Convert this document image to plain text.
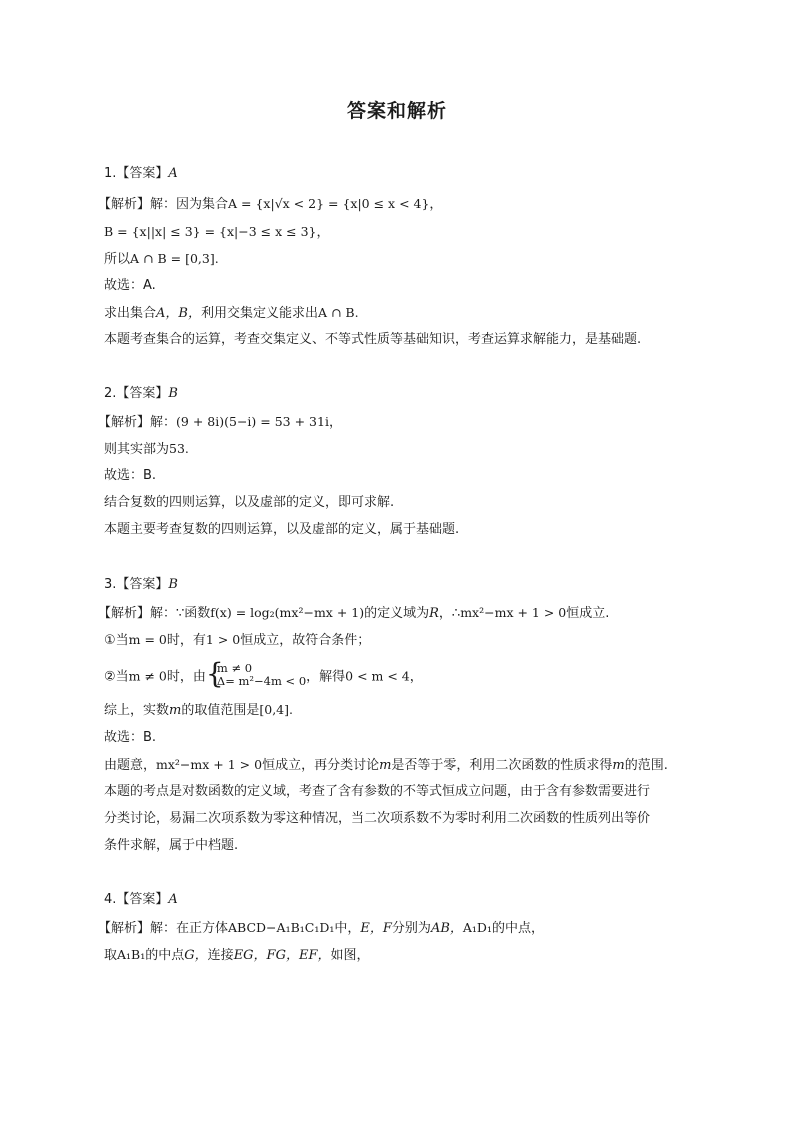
答案和解析
1.【答案】A
【解析】解：因为集合A = {x|√x < 2} = {x|0 ≤ x < 4}，
B = {x||x| ≤ 3} = {x|−3 ≤ x ≤ 3}，
所以A ∩ B = [0,3].
故选：A.
求出集合A，B，利用交集定义能求出A ∩ B.
本题考查集合的运算，考查交集定义、不等式性质等基础知识，考查运算求解能力，是基础题.
2.【答案】B
【解析】解：(9 + 8i)(5−i) = 53 + 31i，
则其实部为53.
故选：B.
结合复数的四则运算，以及虚部的定义，即可求解.
本题主要考查复数的四则运算，以及虚部的定义，属于基础题.
3.【答案】B
【解析】解：∵函数f(x) = log₂(mx²−mx + 1)的定义域为R，∴mx²−mx + 1 > 0恒成立.
①当m = 0时，有1 > 0恒成立，故符合条件；
②当m ≠ 0时，由 {
m ≠ 0
Δ= m²−4m < 0 ，解得0 < m < 4，
综上，实数m的取值范围是[0,4].
故选：B.
由题意，mx²−mx + 1 > 0恒成立，再分类讨论m是否等于零，利用二次函数的性质求得m的范围.
本题的考点是对数函数的定义域，考查了含有参数的不等式恒成立问题，由于含有参数需要进行
分类讨论，易漏二次项系数为零这种情况，当二次项系数不为零时利用二次函数的性质列出等价
条件求解，属于中档题.
4.【答案】A
【解析】解：在正方体ABCD−A₁B₁C₁D₁中，E，F分别为AB，A₁D₁的中点，
取A₁B₁的中点G，连接EG，FG，EF，如图，
